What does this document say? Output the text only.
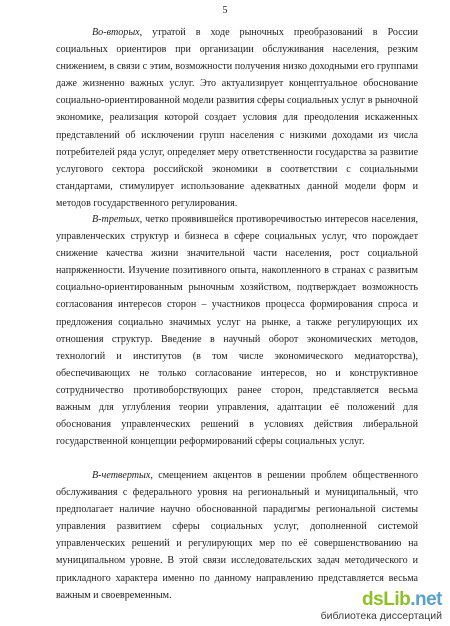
5

Во-вторых, утратой в ходе рыночных преобразований в России социальных ориентиров при организации обслуживания населения, резким снижением, в связи с этим, возможности получения низко доходными его группами даже жизненно важных услуг. Это актуализирует концептуальное обоснование социально-ориентированной модели развития сферы социальных услуг в рыночной экономике, реализация которой создает условия для преодоления искаженных представлений об исключении групп населения с низкими доходами из числа потребителей ряда услуг, определяет меру ответственности государства за развитие услугового сектора российской экономики в соответствии с социальными стандартами, стимулирует использование адекватных данной модели форм и методов государственного регулирования.

В-третьих, четко проявившейся противоречивостью интересов населения, управленческих структур и бизнеса в сфере социальных услуг, что порождает снижение качества жизни значительной части населения, рост социальной напряженности. Изучение позитивного опыта, накопленного в странах с развитым социально-ориентированным рыночным хозяйством, подтверждает возможность согласования интересов сторон – участников процесса формирования спроса и предложения социально значимых услуг на рынке, а также регулирующих их отношения структур. Введение в научный оборот экономических методов, технологий и институтов (в том числе экономического медиаторства), обеспечивающих не только согласование интересов, но и конструктивное сотрудничество противоборствующих ранее сторон, представляется весьма важным для углубления теории управления, адаптации её положений для обоснования управленческих решений в условиях действия либеральной государственной концепции реформирований сферы социальных услуг.

В-четвертых, смещением акцентов в решении проблем общественного обслуживания с федерального уровня на региональный и муниципальный, что предполагает наличие научно обоснованной парадигмы региональной системы управления развитием сферы социальных услуг, дополненной системой управленческих решений и регулирующих мер по её совершенствованию на муниципальном уровне. В этой связи исследовательских задач методического и прикладного характера именно по данному направлению представляется весьма важным и своевременным.	dsLib.net
библиотека диссертаций
